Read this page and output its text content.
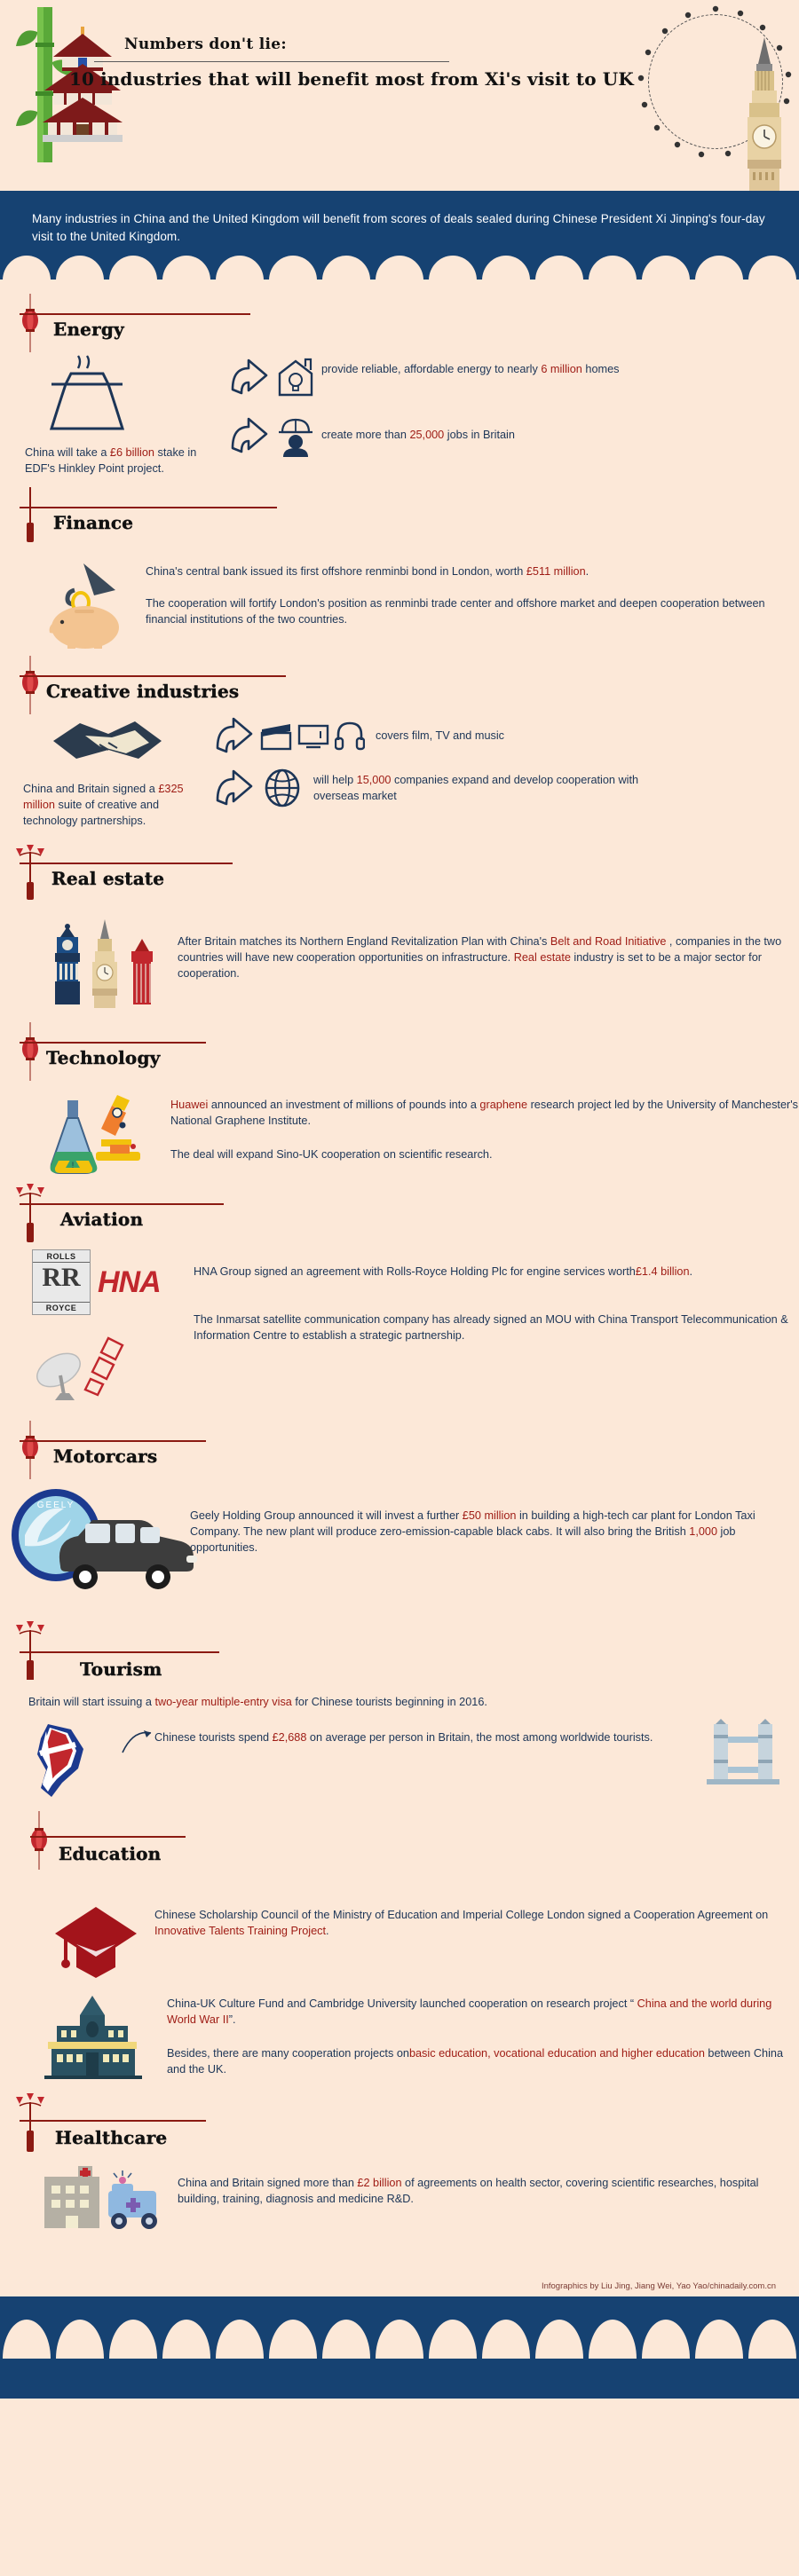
Numbers don't lie:
10 industries that will benefit most from Xi's visit to UK
Many industries in China and the United Kingdom will benefit from scores of deals sealed during Chinese President Xi Jinping's four-day visit to the United Kingdom.
Energy
China will take a £6 billion stake in EDF's Hinkley Point project.
provide reliable, affordable energy to nearly 6 million homes
create more than 25,000 jobs in Britain
Finance

China's central bank issued its first offshore renminbi bond in London, worth £511 million.

The cooperation will fortify London's position as renminbi trade center and offshore market and deepen cooperation between financial institutions of the two countries.

Creative industries
China and Britain signed a £325 million suite of creative and technology partnerships.
covers film, TV and music
will help 15,000 companies expand and develop cooperation with overseas market
Real estate

After Britain matches its Northern England Revitalization Plan with China's Belt and Road Initiative , companies in the two countries will have new cooperation opportunities on infrastructure. Real estate industry is set to be a major sector for cooperation.

Technology
!

Huawei announced an investment of millions of pounds into a graphene research project led by the University of Manchester's National Graphene Institute.

The deal will expand Sino-UK cooperation on scientific research.

Aviation
ROLLS
RR
ROYCE
HNA	HNA Group signed an agreement with Rolls-Royce Holding Plc for engine services worth£1.4 billion.

The Inmarsat satellite communication company has already signed an MOU with China Transport Telecommunication & Information Centre to establish a strategic partnership.

Motorcars
GEELY

Geely Holding Group announced it will invest a further £50 million in building a high-tech car plant for London Taxi Company. The new plant will produce zero-emission-capable black cabs. It will also bring the British 1,000 job opportunities.

Tourism
Britain will start issuing a two-year multiple-entry visa for Chinese tourists beginning in 2016.
Chinese tourists spend £2,688 on average per person in Britain, the most among worldwide tourists.
Education
Chinese Scholarship Council of the Ministry of Education and Imperial College London signed a Cooperation Agreement on Innovative Talents Training Project.

China-UK Culture Fund and Cambridge University launched cooperation on research project “ China and the world during World War II”.

Besides, there are many cooperation projects onbasic education, vocational education and higher education between China and the UK.

Healthcare
China and Britain signed more than £2 billion of agreements on health sector, covering scientific researches, hospital building, training, diagnosis and medicine R&D.
Infographics by Liu Jing, Jiang Wei, Yao Yao/chinadaily.com.cn
